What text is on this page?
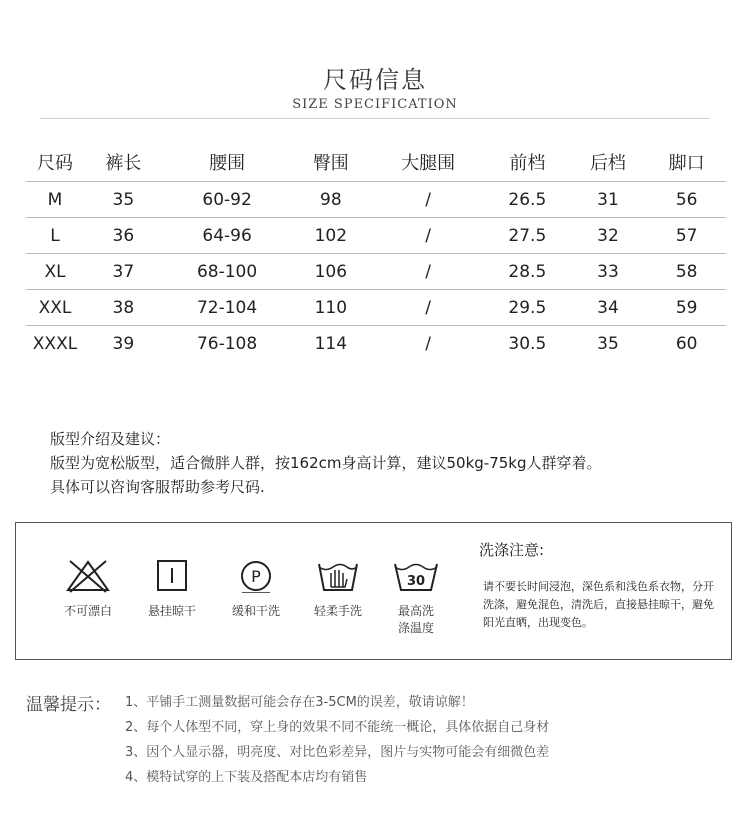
尺码信息
SIZE SPECIFICATION
尺码	裤长	腰围	臀围	大腿围	前档	后档	脚口
M	35	60-92	98	/	26.5	31	56
L	36	64-96	102	/	27.5	32	57
XL	37	68-100	106	/	28.5	33	58
XXL	38	72-104	110	/	29.5	34	59
XXXL	39	76-108	114	/	30.5	35	60
版型介绍及建议：
版型为宽松版型，适合微胖人群，按162cm身高计算，建议50kg-75kg人群穿着。
具体可以咨询客服帮助参考尺码.
不可漂白	悬挂晾干
P
缓和干洗	轻柔手洗
30
最高洗
涤温度
洗涤注意:
请不要长时间浸泡，深色系和浅色系衣物，分开洗涤，避免混色，清洗后，直接悬挂晾干，避免阳光直晒，出现变色。
温馨提示： 1、平铺手工测量数据可能会存在3-5CM的误差，敬请谅解！
2、每个人体型不同，穿上身的效果不同不能统一概论，具体依据自己身材
3、因个人显示器，明亮度、对比色彩差异，图片与实物可能会有细微色差
4、模特试穿的上下装及搭配本店均有销售
